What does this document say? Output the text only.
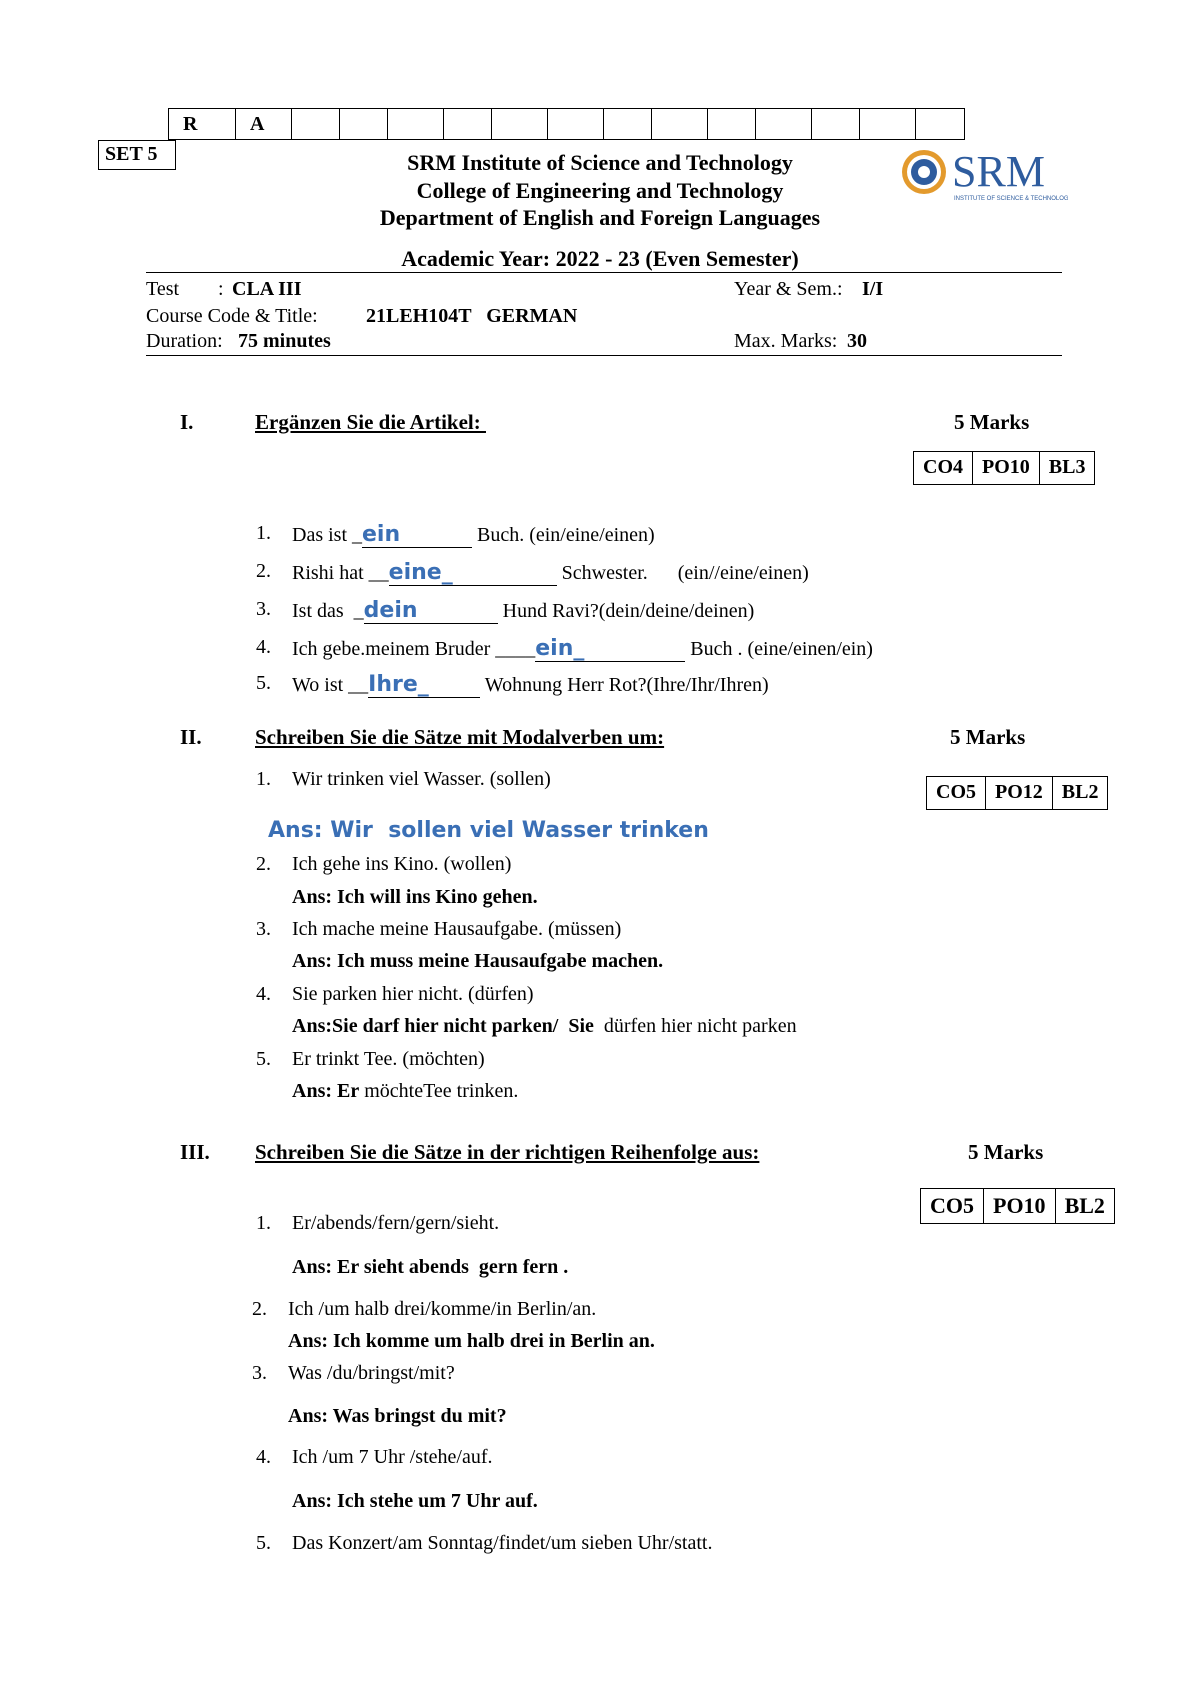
R	A
SET 5	SRM Institute of Science and Technology
College of Engineering and Technology
Department of English and Foreign Languages
Academic Year: 2022 - 23 (Even Semester)
SRM
INSTITUTE OF SCIENCE & TECHNOLOGY
Test : CLA III	Year & Sem.: I/I
Course Code & Title: 21LEH104T   GERMAN
Duration: 75 minutes	Max. Marks: 30
I.	Ergänzen Sie die Artikel:	5 Marks
CO4 PO10 BL3
1. Das ist _ein	Buch. (ein/eine/einen)
2. Rishi hat __eine_	Schwester.      (ein//eine/einen)
3. Ist das  _dein	Hund Ravi?(dein/deine/deinen)
4. Ich gebe.meinem Bruder ____ein_	Buch . (eine/einen/ein)
5. Wo ist __Ihre_	Wohnung Herr Rot?(Ihre/Ihr/Ihren)
II.	Schreiben Sie die Sätze mit Modalverben um:	5 Marks
CO5 PO12 BL2
1. Wir trinken viel Wasser. (sollen)
Ans: Wir  sollen viel Wasser trinken
2. Ich gehe ins Kino. (wollen)
Ans: Ich will ins Kino gehen.
3. Ich mache meine Hausaufgabe. (müssen)
Ans: Ich muss meine Hausaufgabe machen.
4. Sie parken hier nicht. (dürfen)
Ans:Sie darf hier nicht parken/  Sie  dürfen hier nicht parken
5. Er trinkt Tee. (möchten)
Ans: Er möchteTee trinken.
III. Schreiben Sie die Sätze in der richtigen Reihenfolge aus:	5 Marks
CO5 PO10 BL2
1. Er/abends/fern/gern/sieht.
Ans: Er sieht abends  gern fern .
2. Ich /um halb drei/komme/in Berlin/an.
Ans: Ich komme um halb drei in Berlin an.
3. Was /du/bringst/mit?
Ans: Was bringst du mit?
4. Ich /um 7 Uhr /stehe/auf.
Ans: Ich stehe um 7 Uhr auf.
5. Das Konzert/am Sonntag/findet/um sieben Uhr/statt.
